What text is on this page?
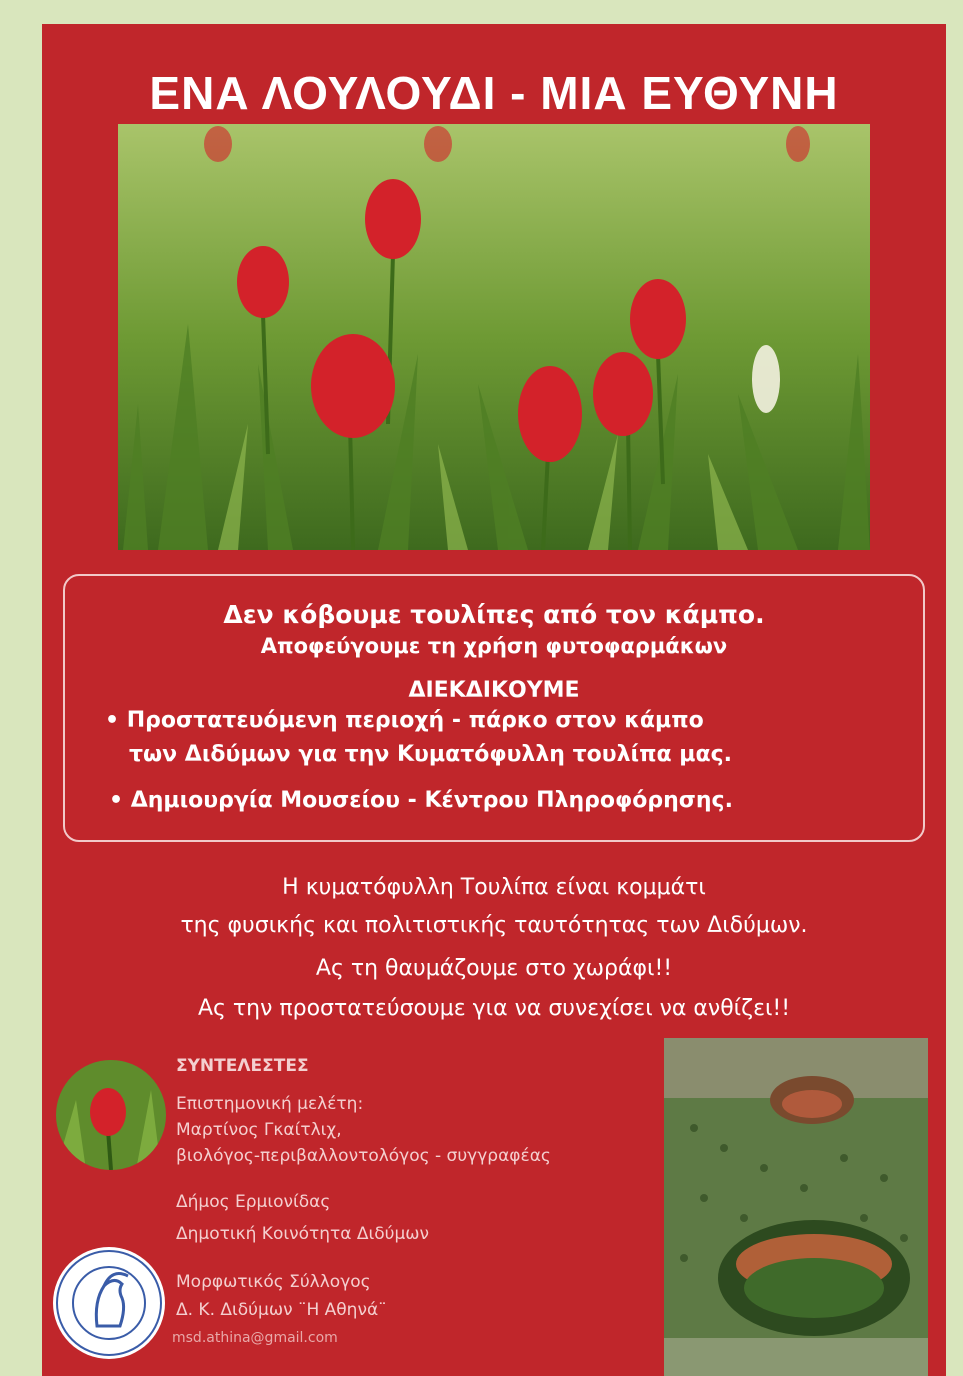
ΕΝΑ ΛΟΥΛΟΥΔΙ - ΜΙΑ ΕΥΘΥΝΗ
Δεν κόβουμε τουλίπες από τον κάμπο.
Αποφεύγουμε τη χρήση φυτοφαρμάκων
ΔΙΕΚΔΙΚΟΥΜΕ
• Προστατευόμενη περιοχή - πάρκο στον κάμπο
των Διδύμων για την Κυματόφυλλη τουλίπα μας.
• Δημιουργία Μουσείου - Κέντρου Πληροφόρησης.
Η κυματόφυλλη Τουλίπα είναι κομμάτι
της φυσικής και πολιτιστικής ταυτότητας των Διδύμων.
Ας τη θαυμάζουμε στο χωράφι!!
Ας την προστατεύσουμε για να συνεχίσει να ανθίζει!!
ΣΥΝΤΕΛΕΣΤΕΣ
Επιστημονική μελέτη:
Μαρτίνος Γκαίτλιχ,
βιολόγος-περιβαλλοντολόγος - συγγραφέας
Δήμος Ερμιονίδας
Δημοτική Κοινότητα Διδύμων
Μορφωτικός Σύλλογος
Δ. Κ. Διδύμων ¨Η Αθηνά¨
msd.athina@gmail.com
